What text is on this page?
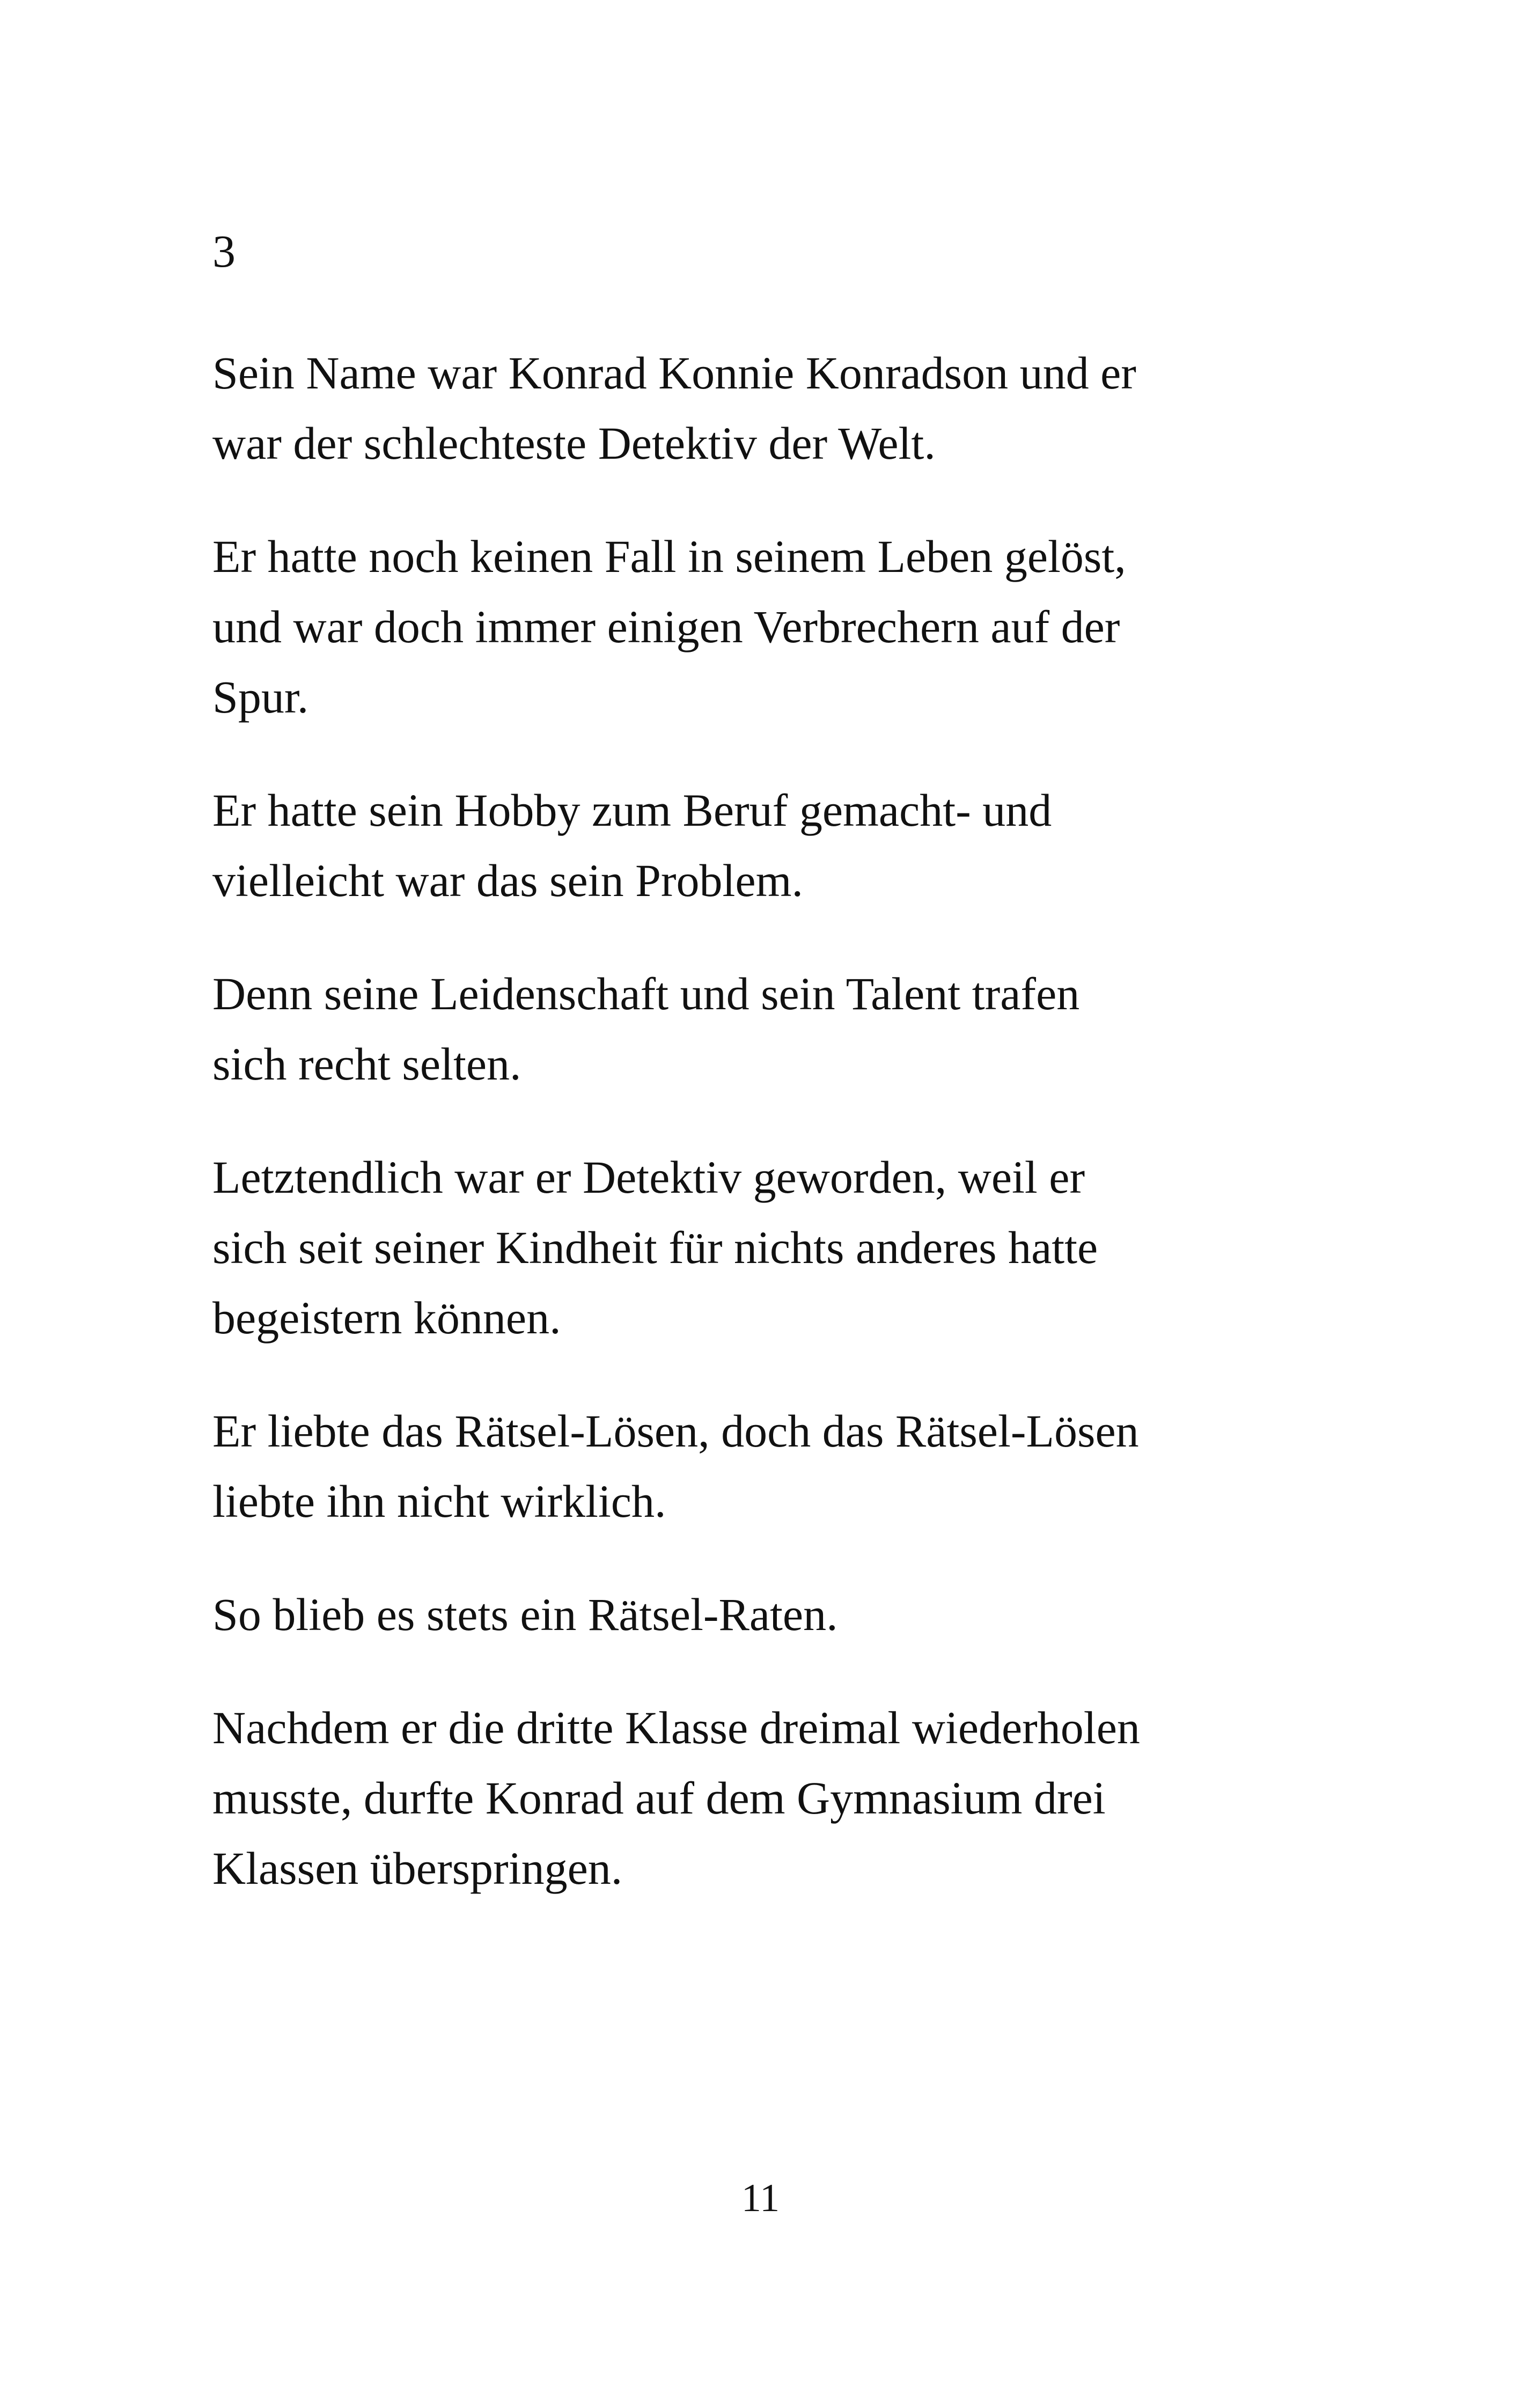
3

Sein Name war Konrad Konnie Konradson und er
war der schlechteste Detektiv der Welt.

Er hatte noch keinen Fall in seinem Leben gelöst,
und war doch immer einigen Verbrechern auf der
Spur.

Er hatte sein Hobby zum Beruf gemacht- und
vielleicht war das sein Problem.

Denn seine Leidenschaft und sein Talent trafen
sich recht selten.

Letztendlich war er Detektiv geworden, weil er
sich seit seiner Kindheit für nichts anderes hatte
begeistern können.

Er liebte das Rätsel-Lösen, doch das Rätsel-Lösen
liebte ihn nicht wirklich.

So blieb es stets ein Rätsel-Raten.

Nachdem er die dritte Klasse dreimal wiederholen
musste, durfte Konrad auf dem Gymnasium drei
Klassen überspringen.

11
